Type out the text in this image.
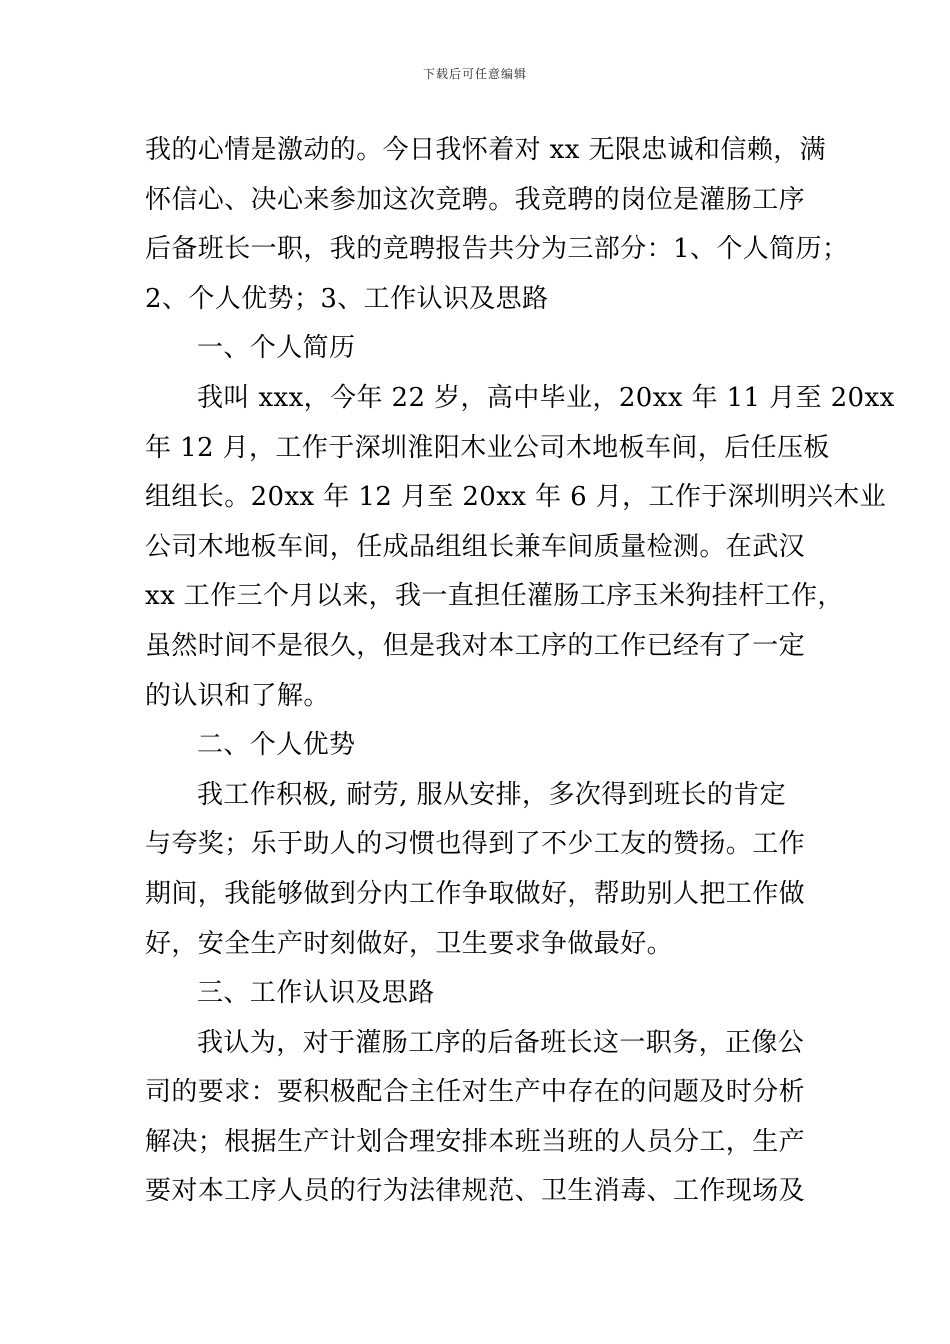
下载后可任意编辑
我的心情是激动的。今日我怀着对 xx 无限忠诚和信赖，满
怀信心、决心来参加这次竞聘。我竞聘的岗位是灌肠工序
后备班长一职，我的竞聘报告共分为三部分：1、个人简历；
2、个人优势；3、工作认识及思路
一、个人简历
我叫 xxx，今年 22 岁，高中毕业，20xx 年 11 月至 20xx
年 12 月，工作于深圳淮阳木业公司木地板车间，后任压板
组组长。20xx 年 12 月至 20xx 年 6 月，工作于深圳明兴木业
公司木地板车间，任成品组组长兼车间质量检测。在武汉
xx 工作三个月以来，我一直担任灌肠工序玉米狗挂杆工作，
虽然时间不是很久，但是我对本工序的工作已经有了一定
的认识和了解。
二、个人优势
我工作积极, 耐劳, 服从安排，多次得到班长的肯定
与夸奖；乐于助人的习惯也得到了不少工友的赞扬。工作
期间，我能够做到分内工作争取做好，帮助别人把工作做
好，安全生产时刻做好，卫生要求争做最好。
三、工作认识及思路
我认为，对于灌肠工序的后备班长这一职务，正像公
司的要求：要积极配合主任对生产中存在的问题及时分析
解决；根据生产计划合理安排本班当班的人员分工，生产
要对本工序人员的行为法律规范、卫生消毒、工作现场及
